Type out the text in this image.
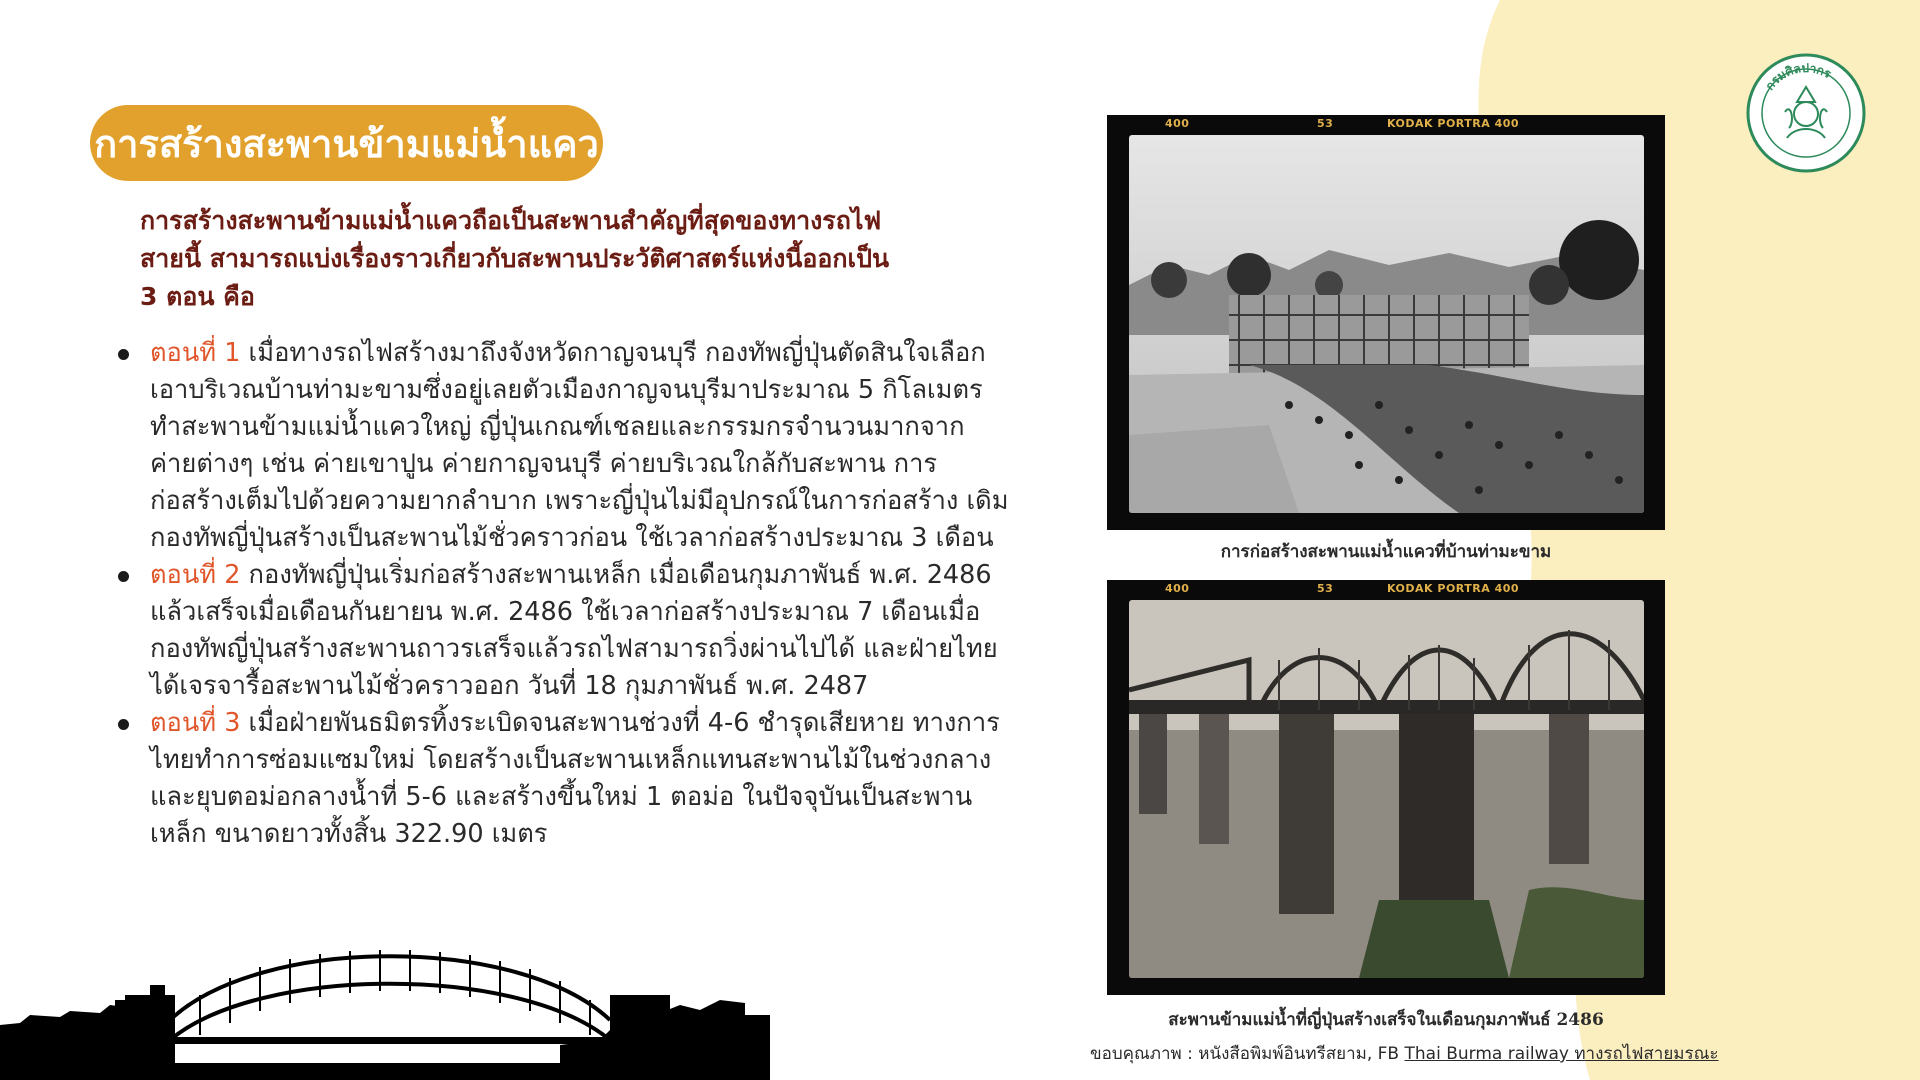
การสร้างสะพานข้ามแม่น้ำแคว
การสร้างสะพานข้ามแม่น้ำแควถือเป็นสะพานสำคัญที่สุดของทางรถไฟสายนี้ สามารถแบ่งเรื่องราวเกี่ยวกับสะพานประวัติศาสตร์แห่งนี้ออกเป็น 3 ตอน คือ
ตอนที่ 1 เมื่อทางรถไฟสร้างมาถึงจังหวัดกาญจนบุรี กองทัพญี่ปุ่นตัดสินใจเลือกเอาบริเวณบ้านท่ามะขามซึ่งอยู่เลยตัวเมืองกาญจนบุรีมาประมาณ 5 กิโลเมตร ทำสะพานข้ามแม่น้ำแควใหญ่ ญี่ปุ่นเกณฑ์เชลยและกรรมกรจำนวนมากจากค่ายต่างๆ เช่น ค่ายเขาปูน ค่ายกาญจนบุรี ค่ายบริเวณใกล้กับสะพาน การก่อสร้างเต็มไปด้วยความยากลำบาก เพราะญี่ปุ่นไม่มีอุปกรณ์ในการก่อสร้าง เดิมกองทัพญี่ปุ่นสร้างเป็นสะพานไม้ชั่วคราวก่อน ใช้เวลาก่อสร้างประมาณ 3 เดือน
ตอนที่ 2 กองทัพญี่ปุ่นเริ่มก่อสร้างสะพานเหล็ก เมื่อเดือนกุมภาพันธ์ พ.ศ. 2486 แล้วเสร็จเมื่อเดือนกันยายน พ.ศ. 2486 ใช้เวลาก่อสร้างประมาณ 7 เดือนเมื่อกองทัพญี่ปุ่นสร้างสะพานถาวรเสร็จแล้วรถไฟสามารถวิ่งผ่านไปได้ และฝ่ายไทยได้เจรจารื้อสะพานไม้ชั่วคราวออก วันที่ 18 กุมภาพันธ์ พ.ศ. 2487
ตอนที่ 3 เมื่อฝ่ายพันธมิตรทิ้งระเบิดจนสะพานช่วงที่ 4-6 ชำรุดเสียหาย ทางการไทยทำการซ่อมแซมใหม่ โดยสร้างเป็นสะพานเหล็กแทนสะพานไม้ในช่วงกลาง และยุบตอม่อกลางน้ำที่ 5-6 และสร้างขึ้นใหม่ 1 ตอม่อ ในปัจจุบันเป็นสะพานเหล็ก ขนาดยาวทั้งสิ้น 322.90 เมตร
400	53	KODAK PORTRA 400
การก่อสร้างสะพานแม่น้ำแควที่บ้านท่ามะขาม
400	53	KODAK PORTRA 400
สะพานข้ามแม่น้ำที่ญี่ปุ่นสร้างเสร็จในเดือนกุมภาพันธ์ 2486
ขอบคุณภาพ : หนังสือพิมพ์อินทรีสยาม, FB Thai Burma railway ทางรถไฟสายมรณะ
กรมศิลปากร
